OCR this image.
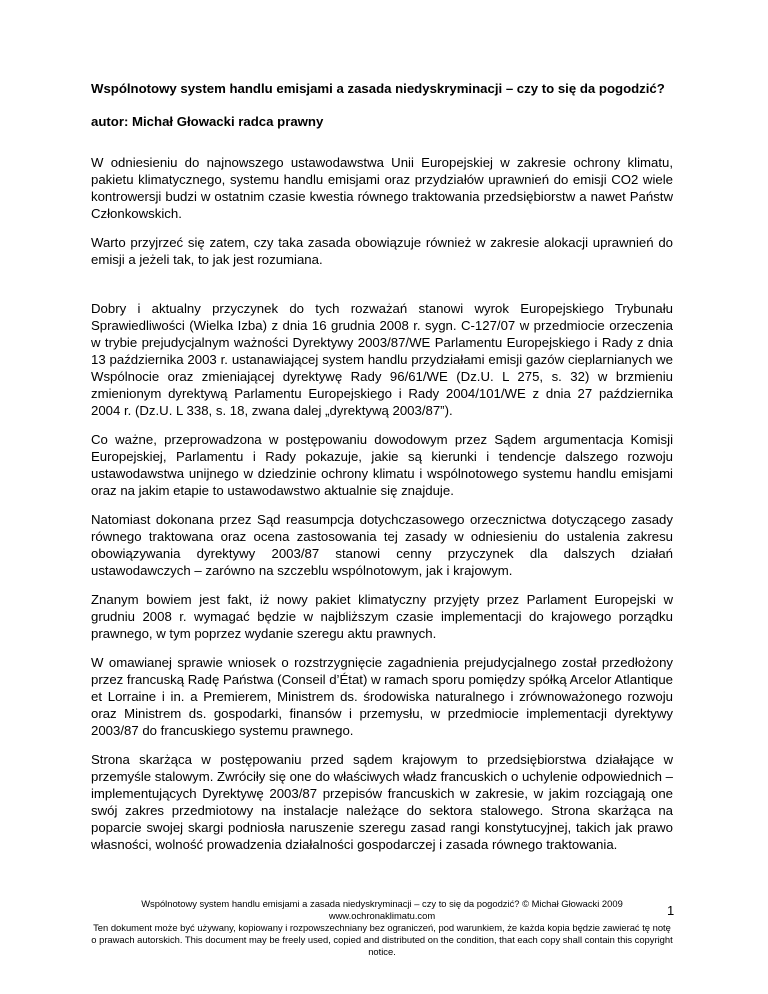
Wspólnotowy system handlu emisjami a zasada niedyskryminacji – czy to się da pogodzić?
autor: Michał Głowacki radca prawny

W odniesieniu do najnowszego ustawodawstwa Unii Europejskiej w zakresie ochrony klimatu, pakietu klimatycznego, systemu handlu emisjami oraz przydziałów uprawnień do emisji CO2 wiele kontrowersji budzi w ostatnim czasie kwestia równego traktowania przedsiębiorstw a nawet Państw Członkowskich.

Warto przyjrzeć się zatem, czy taka zasada obowiązuje również w zakresie alokacji uprawnień do emisji a jeżeli tak, to jak jest rozumiana.

Dobry i aktualny przyczynek do tych rozważań stanowi wyrok Europejskiego Trybunału Sprawiedliwości (Wielka Izba) z dnia 16 grudnia 2008 r. sygn. C-127/07 w przedmiocie orzeczenia w trybie prejudycjalnym ważności Dyrektywy 2003/87/WE Parlamentu Europejskiego i Rady z dnia 13 października 2003 r. ustanawiającej system handlu przydziałami emisji gazów cieplarnianych we Wspólnocie oraz zmieniającej dyrektywę Rady 96/61/WE (Dz.U. L 275, s. 32) w brzmieniu zmienionym dyrektywą Parlamentu Europejskiego i Rady 2004/101/WE z dnia 27 października 2004 r. (Dz.U. L 338, s. 18, zwana dalej „dyrektywą 2003/87”).

Co ważne, przeprowadzona w postępowaniu dowodowym przez Sądem argumentacja Komisji Europejskiej, Parlamentu i Rady pokazuje, jakie są kierunki i tendencje dalszego rozwoju ustawodawstwa unijnego w dziedzinie ochrony klimatu i wspólnotowego systemu handlu emisjami oraz na jakim etapie to ustawodawstwo aktualnie się znajduje.

Natomiast dokonana przez Sąd reasumpcja dotychczasowego orzecznictwa dotyczącego zasady równego traktowana oraz ocena zastosowania tej zasady w odniesieniu do ustalenia zakresu obowiązywania dyrektywy 2003/87 stanowi cenny przyczynek dla dalszych działań ustawodawczych – zarówno na szczeblu wspólnotowym, jak i krajowym.

Znanym bowiem jest fakt, iż nowy pakiet klimatyczny przyjęty przez Parlament Europejski w grudniu 2008 r. wymagać będzie w najbliższym czasie implementacji do krajowego porządku prawnego, w tym poprzez wydanie szeregu aktu prawnych.

W omawianej sprawie wniosek o rozstrzygnięcie zagadnienia prejudycjalnego został przedłożony przez francuską Radę Państwa (Conseil d’État) w ramach sporu pomiędzy spółką Arcelor Atlantique et Lorraine i in. a Premierem, Ministrem ds. środowiska naturalnego i zrównoważonego rozwoju oraz Ministrem ds. gospodarki, finansów i przemysłu, w przedmiocie implementacji dyrektywy 2003/87 do francuskiego systemu prawnego.

Strona skarżąca w postępowaniu przed sądem krajowym to przedsiębiorstwa działające w przemyśle stalowym. Zwróciły się one do właściwych władz francuskich o uchylenie odpowiednich – implementujących Dyrektywę 2003/87 przepisów francuskich w zakresie, w jakim rozciągają one swój zakres przedmiotowy na instalacje należące do sektora stalowego. Strona skarżąca na poparcie swojej skargi podniosła naruszenie szeregu zasad rangi konstytucyjnej, takich jak prawo własności, wolność prowadzenia działalności gospodarczej i zasada równego traktowania.

Wspólnotowy system handlu emisjami a zasada niedyskryminacji – czy to się da pogodzić? © Michał Głowacki 2009
www.ochronaklimatu.com
Ten dokument może być używany, kopiowany i rozpowszechniany bez ograniczeń, pod warunkiem, że każda kopia będzie zawierać tę notę o prawach autorskich. This document may be freely used, copied and distributed on the condition, that each copy shall contain this copyright notice.
1
